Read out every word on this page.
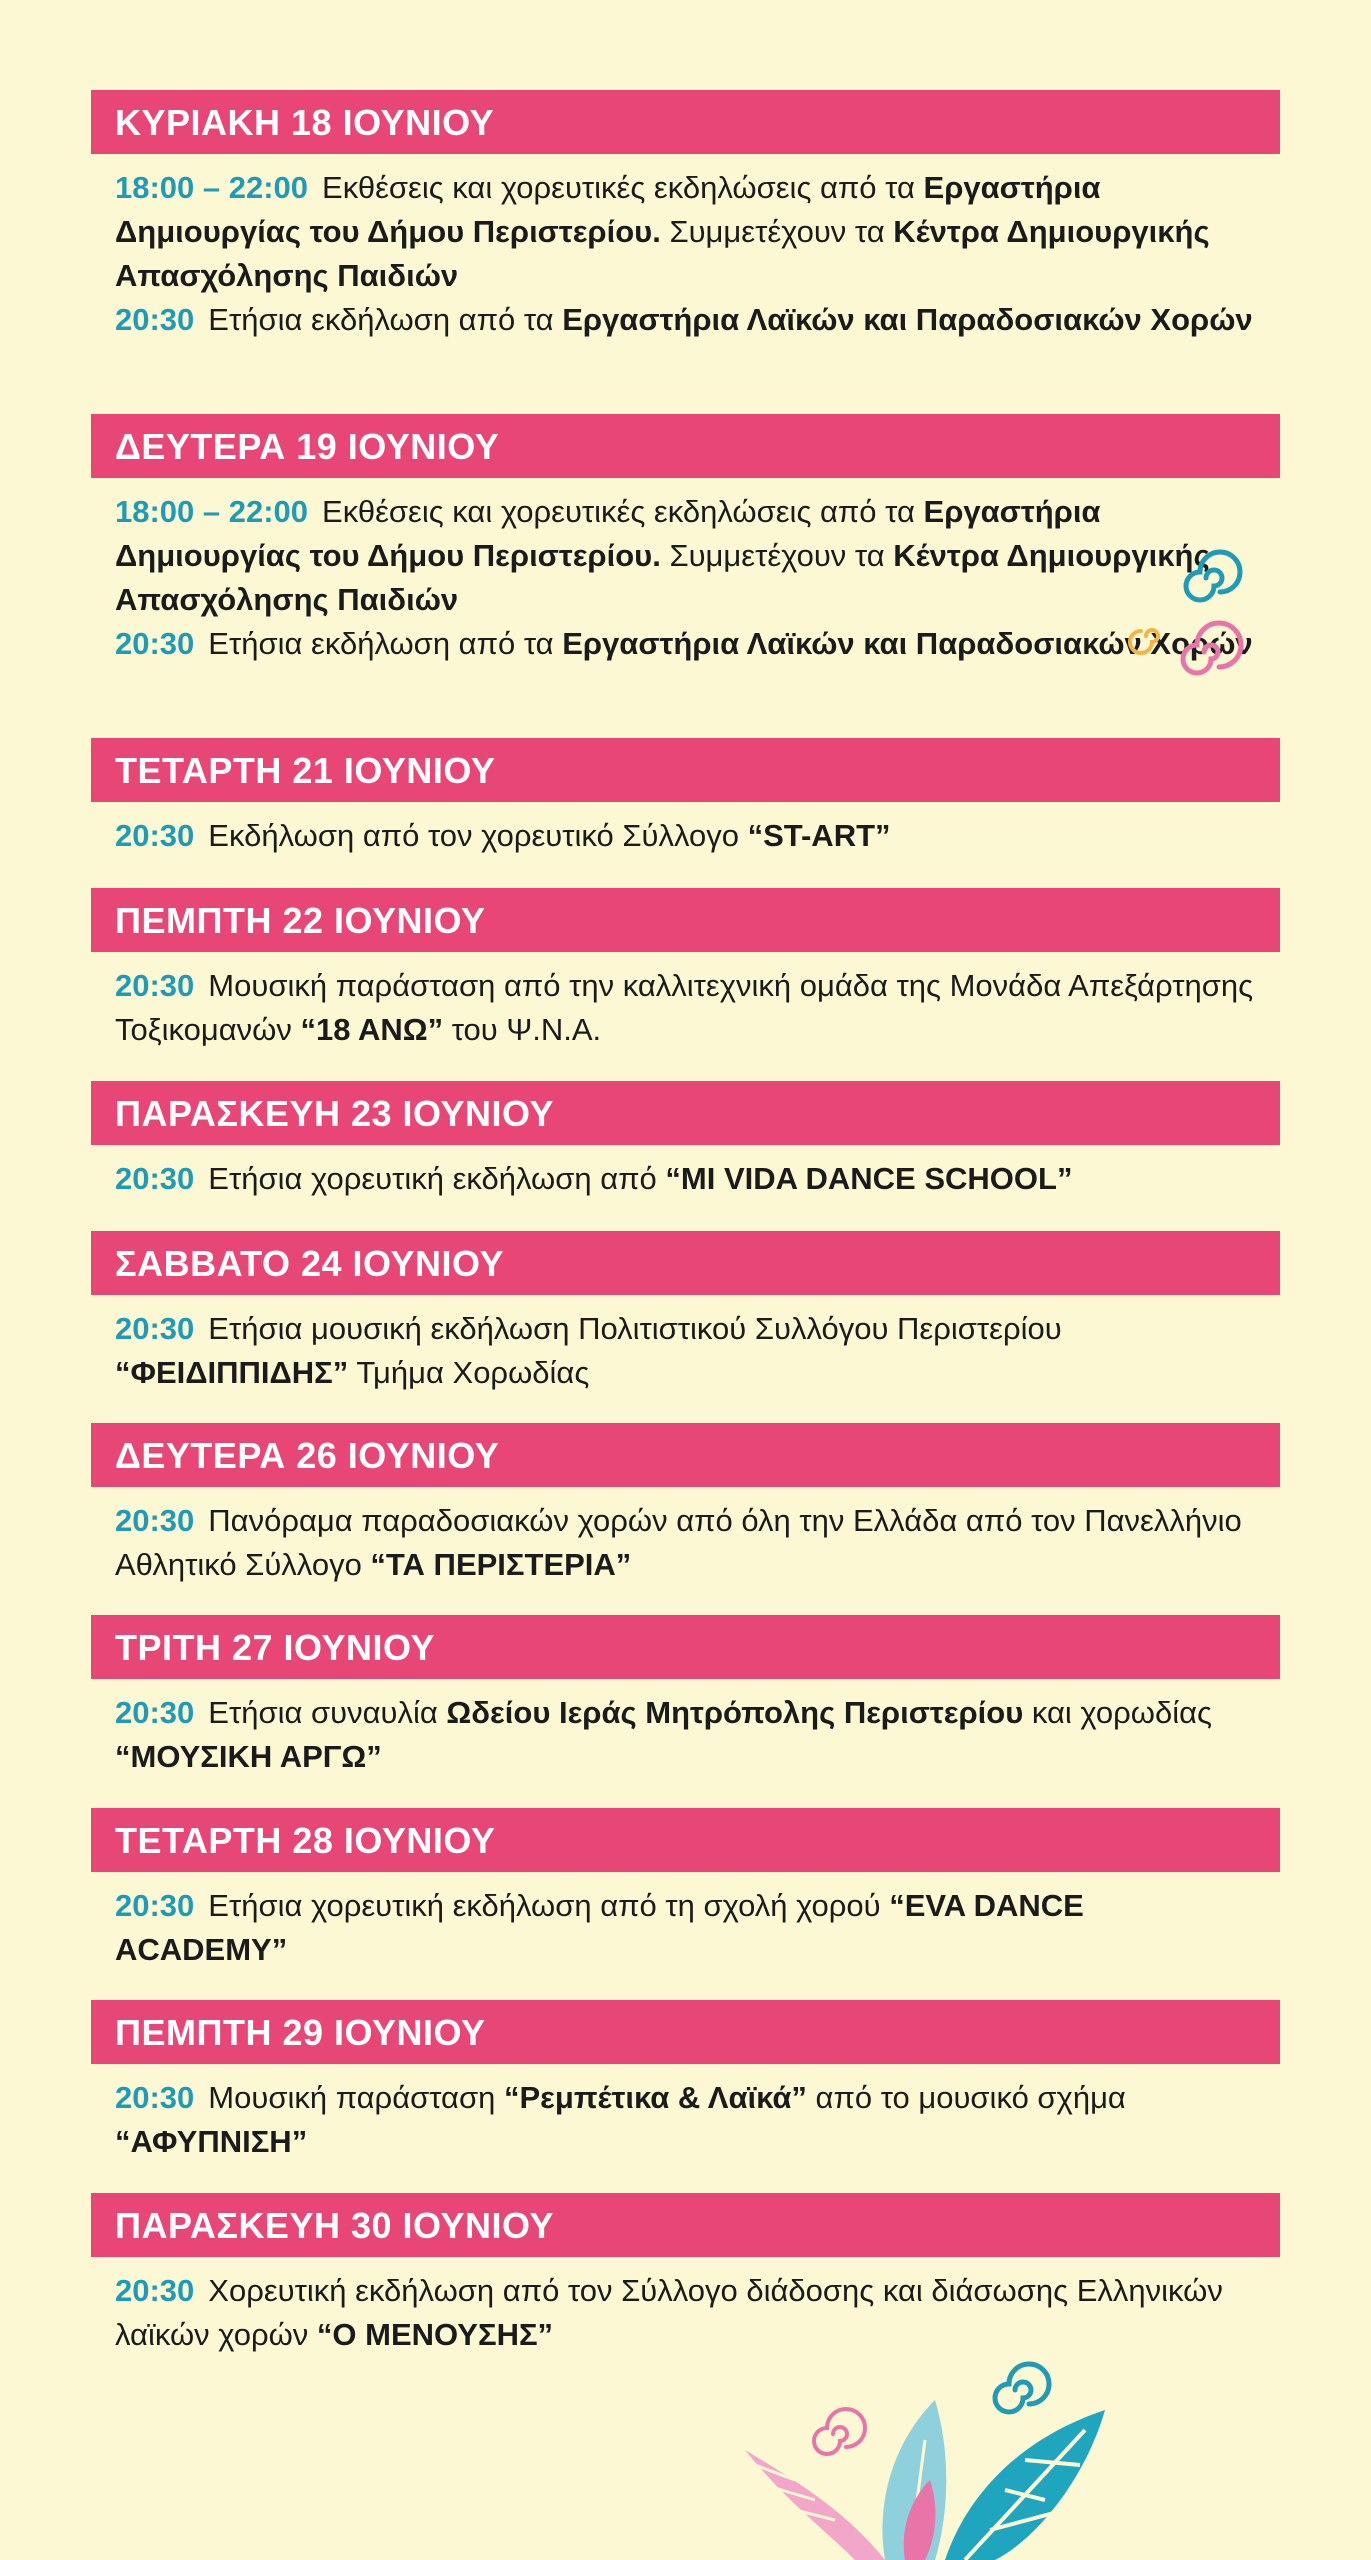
ΚΥΡΙΑΚΗ 18 ΙΟΥΝΙΟΥ

18:00 – 22:00 Εκθέσεις και χορευτικές εκδηλώσεις από τα Εργαστήρια Δημιουργίας του Δήμου Περιστερίου. Συμμετέχουν τα Κέντρα Δημιουργικής Απασχόλησης Παιδιών

20:30 Ετήσια εκδήλωση από τα Εργαστήρια Λαϊκών και Παραδοσιακών Χορών

ΔΕΥΤΕΡΑ 19 ΙΟΥΝΙΟΥ

18:00 – 22:00 Εκθέσεις και χορευτικές εκδηλώσεις από τα Εργαστήρια Δημιουργίας του Δήμου Περιστερίου. Συμμετέχουν τα Κέντρα Δημιουργικής Απασχόλησης Παιδιών

20:30 Ετήσια εκδήλωση από τα Εργαστήρια Λαϊκών και Παραδοσιακών Χορών

ΤΕΤΑΡΤΗ 21 ΙΟΥΝΙΟΥ

20:30 Εκδήλωση από τον χορευτικό Σύλλογο “ST-ART”

ΠΕΜΠΤΗ 22 ΙΟΥΝΙΟΥ

20:30 Μουσική παράσταση από την καλλιτεχνική ομάδα της Μονάδα Απεξάρτησης Τοξικομανών “18 ΑΝΩ” του Ψ.Ν.Α.

ΠΑΡΑΣΚΕΥΗ 23 ΙΟΥΝΙΟΥ

20:30 Ετήσια χορευτική εκδήλωση από “MI VIDA DANCE SCHOOL”

ΣΑΒΒΑΤΟ 24 ΙΟΥΝΙΟΥ

20:30 Ετήσια μουσική εκδήλωση Πολιτιστικού Συλλόγου Περιστερίου “ΦΕΙΔΙΠΠΙΔΗΣ” Τμήμα Χορωδίας

ΔΕΥΤΕΡΑ 26 ΙΟΥΝΙΟΥ

20:30 Πανόραμα παραδοσιακών χορών από όλη την Ελλάδα από τον Πανελλήνιο Αθλητικό Σύλλογο “ΤΑ ΠΕΡΙΣΤΕΡΙΑ”

ΤΡΙΤΗ 27 ΙΟΥΝΙΟΥ

20:30 Ετήσια συναυλία Ωδείου Ιεράς Μητρόπολης Περιστερίου και χορωδίας “ΜΟΥΣΙΚΗ ΑΡΓΩ”

ΤΕΤΑΡΤΗ 28 ΙΟΥΝΙΟΥ

20:30 Ετήσια χορευτική εκδήλωση από τη σχολή χορού “EVA DANCE ACADEMY”

ΠΕΜΠΤΗ 29 ΙΟΥΝΙΟΥ

20:30 Μουσική παράσταση “Ρεμπέτικα & Λαϊκά” από το μουσικό σχήμα “ΑΦΥΠΝΙΣΗ”

ΠΑΡΑΣΚΕΥΗ 30 ΙΟΥΝΙΟΥ

20:30 Χορευτική εκδήλωση από τον Σύλλογο διάδοσης και διάσωσης Ελληνικών λαϊκών χορών “Ο ΜΕΝΟΥΣΗΣ”
